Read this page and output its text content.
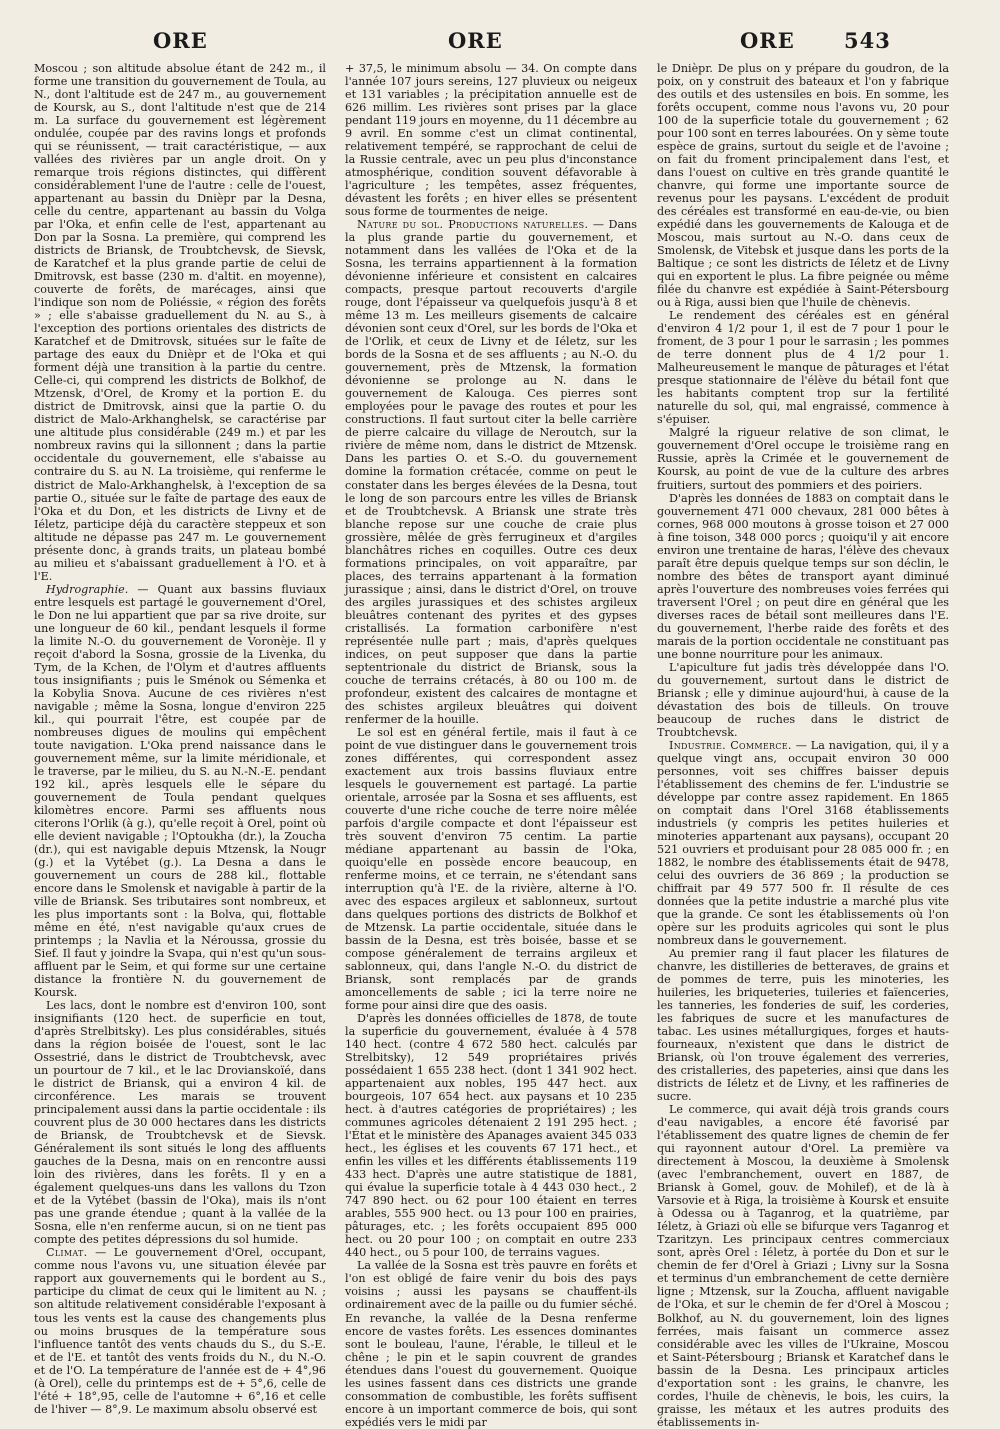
ORE	ORE	ORE 543

Moscou ; son altitude absolue étant de 242 m., il forme une transition du gouvernement de Toula, au N., dont l'altitude est de 247 m., au gouvernement de Koursk, au S., dont l'altitude n'est que de 214 m. La surface du gouvernement est légèrement ondulée, coupée par des ravins longs et profonds qui se réunissent, — trait caractéristique, — aux vallées des rivières par un angle droit. On y remarque trois régions distinctes, qui diffèrent considérablement l'une de l'autre : celle de l'ouest, appartenant au bassin du Dnièpr par la Desna, celle du centre, appartenant au bassin du Volga par l'Oka, et enfin celle de l'est, appartenant au Don par la Sosna. La première, qui comprend les districts de Briansk, de Troubtchevsk, de Sievsk, de Karatchef et la plus grande partie de celui de Dmitrovsk, est basse (230 m. d'altit. en moyenne), couverte de forêts, de marécages, ainsi que l'indique son nom de Poliéssie, « région des forêts » ; elle s'abaisse graduellement du N. au S., à l'exception des portions orientales des districts de Karatchef et de Dmitrovsk, situées sur le faîte de partage des eaux du Dnièpr et de l'Oka et qui forment déjà une transition à la partie du centre. Celle-ci, qui comprend les districts de Bolkhof, de Mtzensk, d'Orel, de Kromy et la portion E. du district de Dmitrovsk, ainsi que la partie O. du district de Malo-Arkhanghelsk, se caractérise par une altitude plus considérable (249 m.) et par les nombreux ravins qui la sillonnent ; dans la partie occidentale du gouvernement, elle s'abaisse au contraire du S. au N. La troisième, qui renferme le district de Malo-Arkhanghelsk, à l'exception de sa partie O., située sur le faîte de partage des eaux de l'Oka et du Don, et les districts de Livny et de Iéletz, participe déjà du caractère steppeux et son altitude ne dépasse pas 247 m. Le gouvernement présente donc, à grands traits, un plateau bombé au milieu et s'abaissant graduellement à l'O. et à l'E.

Hydrographie. — Quant aux bassins fluviaux entre lesquels est partagé le gouvernement d'Orel, le Don ne lui appartient que par sa rive droite, sur une longueur de 60 kil., pendant lesquels il forme la limite N.-O. du gouvernement de Voronèje. Il y reçoit d'abord la Sosna, grossie de la Livenka, du Tym, de la Kchen, de l'Olym et d'autres affluents tous insignifiants ; puis le Sménok ou Sémenka et la Kobylia Snova. Aucune de ces rivières n'est navigable ; même la Sosna, longue d'environ 225 kil., qui pourrait l'être, est coupée par de nombreuses digues de moulins qui empêchent toute navigation. L'Oka prend naissance dans le gouvernement même, sur la limite méridionale, et le traverse, par le milieu, du S. au N.-N.-E. pendant 192 kil., après lesquels elle le sépare du gouvernement de Toula pendant quelques kilomètres encore. Parmi ses affluents nous citerons l'Orlik (à g.), qu'elle reçoit à Orel, point où elle devient navigable ; l'Optoukha (dr.), la Zoucha (dr.), qui est navigable depuis Mtzensk, la Nougr (g.) et la Vytébet (g.). La Desna a dans le gouvernement un cours de 288 kil., flottable encore dans le Smolensk et navigable à partir de la ville de Briansk. Ses tributaires sont nombreux, et les plus importants sont : la Bolva, qui, flottable même en été, n'est navigable qu'aux crues de printemps ; la Navlia et la Néroussa, grossie du Sief. Il faut y joindre la Svapa, qui n'est qu'un sous-affluent par le Seim, et qui forme sur une certaine distance la frontière N. du gouvernement de Koursk.

Les lacs, dont le nombre est d'environ 100, sont insignifiants (120 hect. de superficie en tout, d'après Strelbitsky). Les plus considérables, situés dans la région boisée de l'ouest, sont le lac Ossestrié, dans le district de Troubtchevsk, avec un pourtour de 7 kil., et le lac Drovianskoïé, dans le district de Briansk, qui a environ 4 kil. de circonférence. Les marais se trouvent principalement aussi dans la partie occidentale : ils couvrent plus de 30 000 hectares dans les districts de Briansk, de Troubtchevsk et de Sievsk. Généralement ils sont situés le long des affluents gauches de la Desna, mais on en rencontre aussi loin des rivières, dans les forêts. Il y en a également quelques-uns dans les vallons du Tzon et de la Vytébet (bassin de l'Oka), mais ils n'ont pas une grande étendue ; quant à la vallée de la Sosna, elle n'en renferme aucun, si on ne tient pas compte des petites dépressions du sol humide.

Climat. — Le gouvernement d'Orel, occupant, comme nous l'avons vu, une situation élevée par rapport aux gouvernements qui le bordent au S., participe du climat de ceux qui le limitent au N. ; son altitude relativement considérable l'exposant à tous les vents est la cause des changements plus ou moins brusques de la température sous l'influence tantôt des vents chauds du S., du S.-E. et de l'E. et tantôt des vents froids du N., du N.-O. et de l'O. La température de l'année est de + 4°,96 (à Orel), celle du printemps est de + 5°,6, celle de l'été + 18°,95, celle de l'automne + 6°,16 et celle de l'hiver — 8°,9. Le maximum absolu observé est

+ 37,5, le minimum absolu — 34. On compte dans l'année 107 jours sereins, 127 pluvieux ou neigeux et 131 variables ; la précipitation annuelle est de 626 millim. Les rivières sont prises par la glace pendant 119 jours en moyenne, du 11 décembre au 9 avril. En somme c'est un climat continental, relativement tempéré, se rapprochant de celui de la Russie centrale, avec un peu plus d'inconstance atmosphérique, condition souvent défavorable à l'agriculture ; les tempêtes, assez fréquentes, dévastent les forêts ; en hiver elles se présentent sous forme de tourmentes de neige.

Nature du sol. Productions naturelles. — Dans la plus grande partie du gouvernement, et notamment dans les vallées de l'Oka et de la Sosna, les terrains appartiennent à la formation dévonienne inférieure et consistent en calcaires compacts, presque partout recouverts d'argile rouge, dont l'épaisseur va quelquefois jusqu'à 8 et même 13 m. Les meilleurs gisements de calcaire dévonien sont ceux d'Orel, sur les bords de l'Oka et de l'Orlik, et ceux de Livny et de Iéletz, sur les bords de la Sosna et de ses affluents ; au N.-O. du gouvernement, près de Mtzensk, la formation dévonienne se prolonge au N. dans le gouvernement de Kalouga. Ces pierres sont employées pour le pavage des routes et pour les constructions. Il faut surtout citer la belle carrière de pierre calcaire du village de Neroutch, sur la rivière de même nom, dans le district de Mtzensk. Dans les parties O. et S.-O. du gouvernement domine la formation crétacée, comme on peut le constater dans les berges élevées de la Desna, tout le long de son parcours entre les villes de Briansk et de Troubtchevsk. A Briansk une strate très blanche repose sur une couche de craie plus grossière, mêlée de grès ferrugineux et d'argiles blanchâtres riches en coquilles. Outre ces deux formations principales, on voit apparaître, par places, des terrains appartenant à la formation jurassique ; ainsi, dans le district d'Orel, on trouve des argiles jurassiques et des schistes argileux bleuâtres contenant des pyrites et des gypses cristallisés. La formation carbonifère n'est représentée nulle part ; mais, d'après quelques indices, on peut supposer que dans la partie septentrionale du district de Briansk, sous la couche de terrains crétacés, à 80 ou 100 m. de profondeur, existent des calcaires de montagne et des schistes argileux bleuâtres qui doivent renfermer de la houille.

Le sol est en général fertile, mais il faut à ce point de vue distinguer dans le gouvernement trois zones différentes, qui correspondent assez exactement aux trois bassins fluviaux entre lesquels le gouvernement est partagé. La partie orientale, arrosée par la Sosna et ses affluents, est couverte d'une riche couche de terre noire mêlée parfois d'argile compacte et dont l'épaisseur est très souvent d'environ 75 centim. La partie médiane appartenant au bassin de l'Oka, quoiqu'elle en possède encore beaucoup, en renferme moins, et ce terrain, ne s'étendant sans interruption qu'à l'E. de la rivière, alterne à l'O. avec des espaces argileux et sablonneux, surtout dans quelques portions des districts de Bolkhof et de Mtzensk. La partie occidentale, située dans le bassin de la Desna, est très boisée, basse et se compose généralement de terrains argileux et sablonneux, qui, dans l'angle N.-O. du district de Briansk, sont remplacés par de grands amoncellements de sable ; ici la terre noire ne forme pour ainsi dire que des oasis.

D'après les données officielles de 1878, de toute la superficie du gouvernement, évaluée à 4 578 140 hect. (contre 4 672 580 hect. calculés par Strelbitsky), 12 549 propriétaires privés possédaient 1 655 238 hect. (dont 1 341 902 hect. appartenaient aux nobles, 195 447 hect. aux bourgeois, 107 654 hect. aux paysans et 10 235 hect. à d'autres catégories de propriétaires) ; les communes agricoles détenaient 2 191 295 hect. ; l'État et le ministère des Apanages avaient 345 033 hect., les églises et les couvents 67 171 hect., et enfin les villes et les différents établissements 119 433 hect. D'après une autre statistique de 1881, qui évalue la superficie totale à 4 443 030 hect., 2 747 890 hect. ou 62 pour 100 étaient en terres arables, 555 900 hect. ou 13 pour 100 en prairies, pâturages, etc. ; les forêts occupaient 895 000 hect. ou 20 pour 100 ; on comptait en outre 233 440 hect., ou 5 pour 100, de terrains vagues.

La vallée de la Sosna est très pauvre en forêts et l'on est obligé de faire venir du bois des pays voisins ; aussi les paysans se chauffent-ils ordinairement avec de la paille ou du fumier séché. En revanche, la vallée de la Desna renferme encore de vastes forêts. Les essences dominantes sont le bouleau, l'aune, l'érable, le tilleul et le chêne ; le pin et le sapin couvrent de grandes étendues dans l'ouest du gouvernement. Quoique les usines fassent dans ces districts une grande consommation de combustible, les forêts suffisent encore à un important commerce de bois, qui sont expédiés vers le midi par

le Dnièpr. De plus on y prépare du goudron, de la poix, on y construit des bateaux et l'on y fabrique des outils et des ustensiles en bois. En somme, les forêts occupent, comme nous l'avons vu, 20 pour 100 de la superficie totale du gouvernement ; 62 pour 100 sont en terres labourées. On y sème toute espèce de grains, surtout du seigle et de l'avoine ; on fait du froment principalement dans l'est, et dans l'ouest on cultive en très grande quantité le chanvre, qui forme une importante source de revenus pour les paysans. L'excédent de produit des céréales est transformé en eau-de-vie, ou bien expédié dans les gouvernements de Kalouga et de Moscou, mais surtout au N.-O. dans ceux de Smolensk, de Vitebsk et jusque dans les ports de la Baltique ; ce sont les districts de Iéletz et de Livny qui en exportent le plus. La fibre peignée ou même filée du chanvre est expédiée à Saint-Pétersbourg ou à Riga, aussi bien que l'huile de chènevis.

Le rendement des céréales est en général d'environ 4 1/2 pour 1, il est de 7 pour 1 pour le froment, de 3 pour 1 pour le sarrasin ; les pommes de terre donnent plus de 4 1/2 pour 1. Malheureusement le manque de pâturages et l'état presque stationnaire de l'élève du bétail font que les habitants comptent trop sur la fertilité naturelle du sol, qui, mal engraissé, commence à s'épuiser.

Malgré la rigueur relative de son climat, le gouvernement d'Orel occupe le troisième rang en Russie, après la Crimée et le gouvernement de Koursk, au point de vue de la culture des arbres fruitiers, surtout des pommiers et des poiriers.

D'après les données de 1883 on comptait dans le gouvernement 471 000 chevaux, 281 000 bêtes à cornes, 968 000 moutons à grosse toison et 27 000 à fine toison, 348 000 porcs ; quoiqu'il y ait encore environ une trentaine de haras, l'élève des chevaux paraît être depuis quelque temps sur son déclin, le nombre des bêtes de transport ayant diminué après l'ouverture des nombreuses voies ferrées qui traversent l'Orel ; on peut dire en général que les diverses races de bétail sont meilleures dans l'E. du gouvernement, l'herbe raide des forêts et des marais de la portion occidentale ne constituant pas une bonne nourriture pour les animaux.

L'apiculture fut jadis très développée dans l'O. du gouvernement, surtout dans le district de Briansk ; elle y diminue aujourd'hui, à cause de la dévastation des bois de tilleuls. On trouve beaucoup de ruches dans le district de Troubtchevsk.

Industrie. Commerce. — La navigation, qui, il y a quelque vingt ans, occupait environ 30 000 personnes, voit ses chiffres baisser depuis l'établissement des chemins de fer. L'industrie se développe par contre assez rapidement. En 1865 on comptait dans l'Orel 3168 établissements industriels (y compris les petites huileries et minoteries appartenant aux paysans), occupant 20 521 ouvriers et produisant pour 28 085 000 fr. ; en 1882, le nombre des établissements était de 9478, celui des ouvriers de 36 869 ; la production se chiffrait par 49 577 500 fr. Il résulte de ces données que la petite industrie a marché plus vite que la grande. Ce sont les établissements où l'on opère sur les produits agricoles qui sont le plus nombreux dans le gouvernement.

Au premier rang il faut placer les filatures de chanvre, les distilleries de betteraves, de grains et de pommes de terre, puis les minoteries, les huileries, les briqueteries, tuileries et faïenceries, les tanneries, les fonderies de suif, les corderies, les fabriques de sucre et les manufactures de tabac. Les usines métallurgiques, forges et hauts-fourneaux, n'existent que dans le district de Briansk, où l'on trouve également des verreries, des cristalleries, des papeteries, ainsi que dans les districts de Iéletz et de Livny, et les raffineries de sucre.

Le commerce, qui avait déjà trois grands cours d'eau navigables, a encore été favorisé par l'établissement des quatre lignes de chemin de fer qui rayonnent autour d'Orel. La première va directement à Moscou, la deuxième à Smolensk (avec l'embranchement, ouvert en 1887, de Briansk à Gomel, gouv. de Mohilef), et de là à Varsovie et à Riga, la troisième à Koursk et ensuite à Odessa ou à Taganrog, et la quatrième, par Iéletz, à Griazi où elle se bifurque vers Taganrog et Tzaritzyn. Les principaux centres commerciaux sont, après Orel : Iéletz, à portée du Don et sur le chemin de fer d'Orel à Griazi ; Livny sur la Sosna et terminus d'un embranchement de cette dernière ligne ; Mtzensk, sur la Zoucha, affluent navigable de l'Oka, et sur le chemin de fer d'Orel à Moscou ; Bolkhof, au N. du gouvernement, loin des lignes ferrées, mais faisant un commerce assez considérable avec les villes de l'Ukraine, Moscou et Saint-Pétersbourg ; Briansk et Karatchef dans le bassin de la Desna. Les principaux articles d'exportation sont : les grains, le chanvre, les cordes, l'huile de chènevis, le bois, les cuirs, la graisse, les métaux et les autres produits des établissements in-
